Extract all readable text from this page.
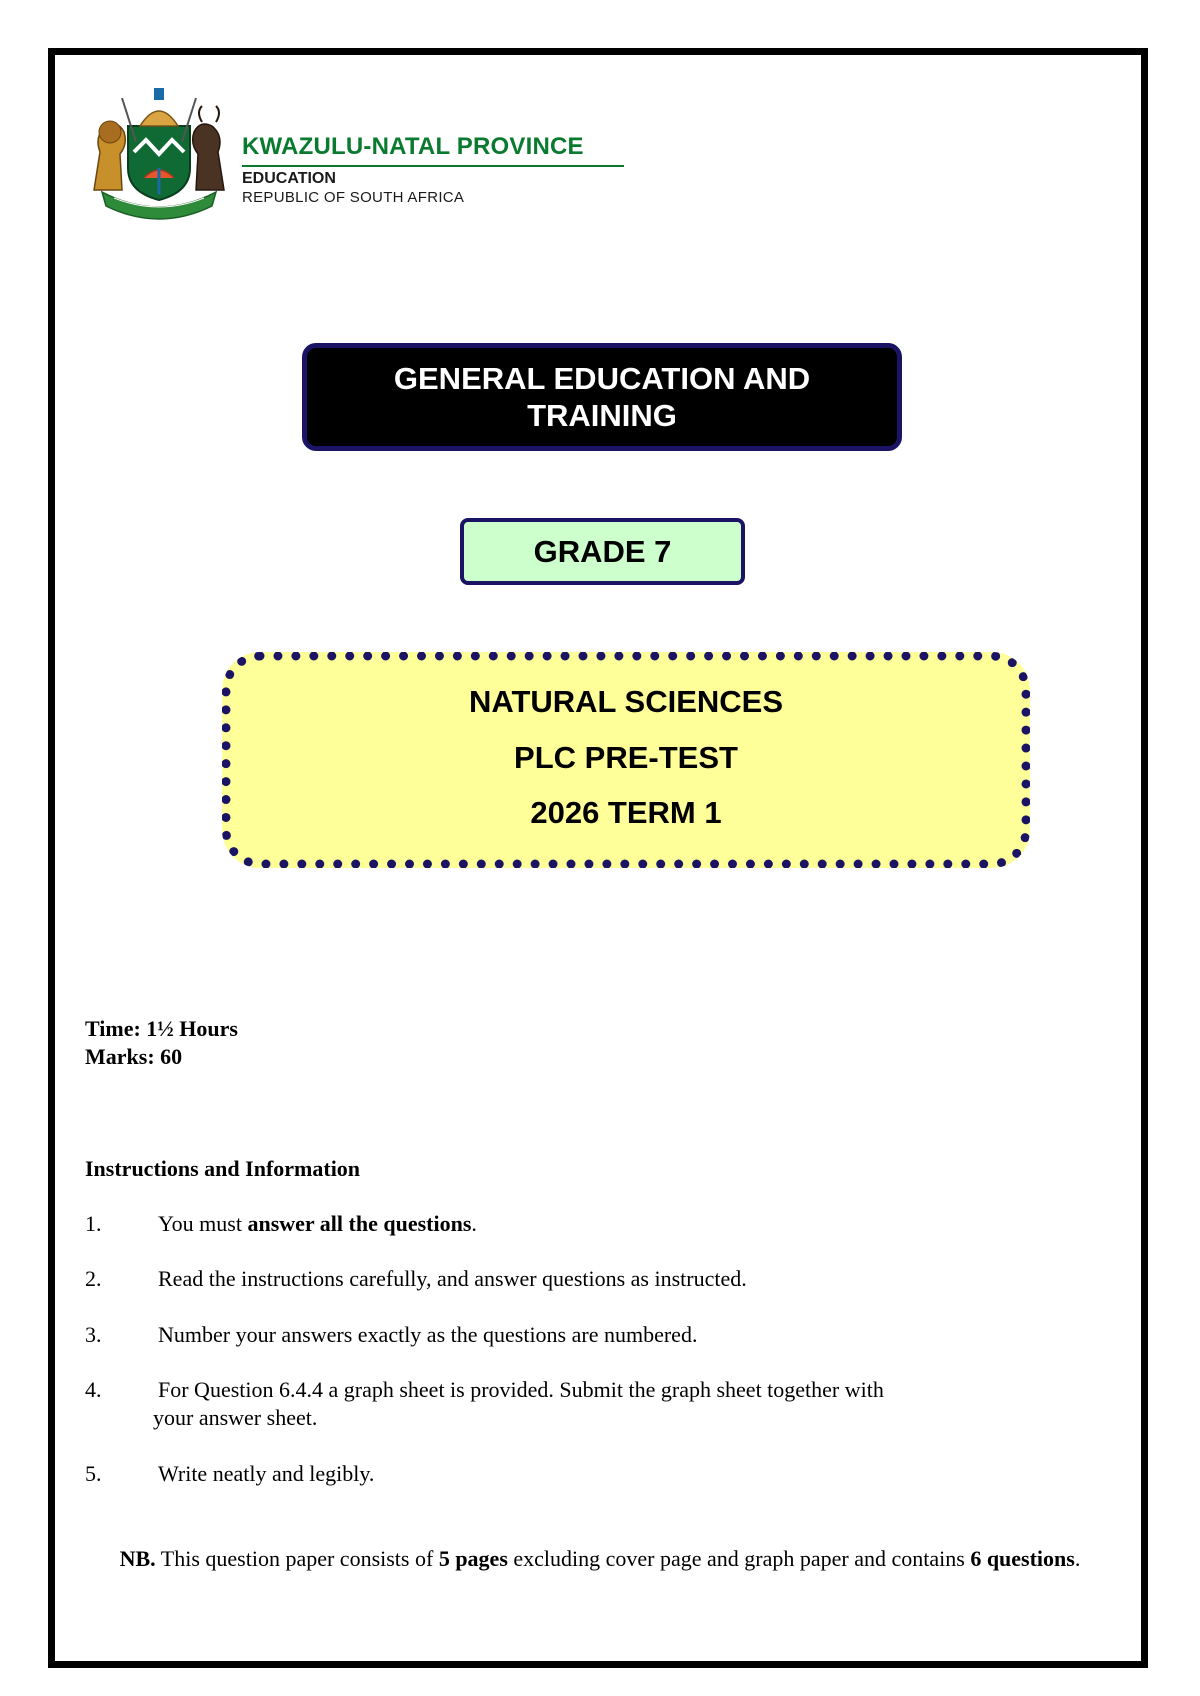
KWAZULU-NATAL PROVINCE
EDUCATION
REPUBLIC OF SOUTH AFRICA
GENERAL EDUCATION AND TRAINING
GRADE 7
NATURAL SCIENCES
PLC PRE-TEST
2026 TERM 1
Time: 1½ Hours
Marks: 60
Instructions and Information
1.	You must answer all the questions.
2.	Read the instructions carefully, and answer questions as instructed.
3.	Number your answers exactly as the questions are numbered.
4.	For Question 6.4.4 a graph sheet is provided. Submit the graph sheet together with
your answer sheet.
5.	Write neatly and legibly.
NB. This question paper consists of 5 pages excluding cover page and graph paper and contains 6 questions.
